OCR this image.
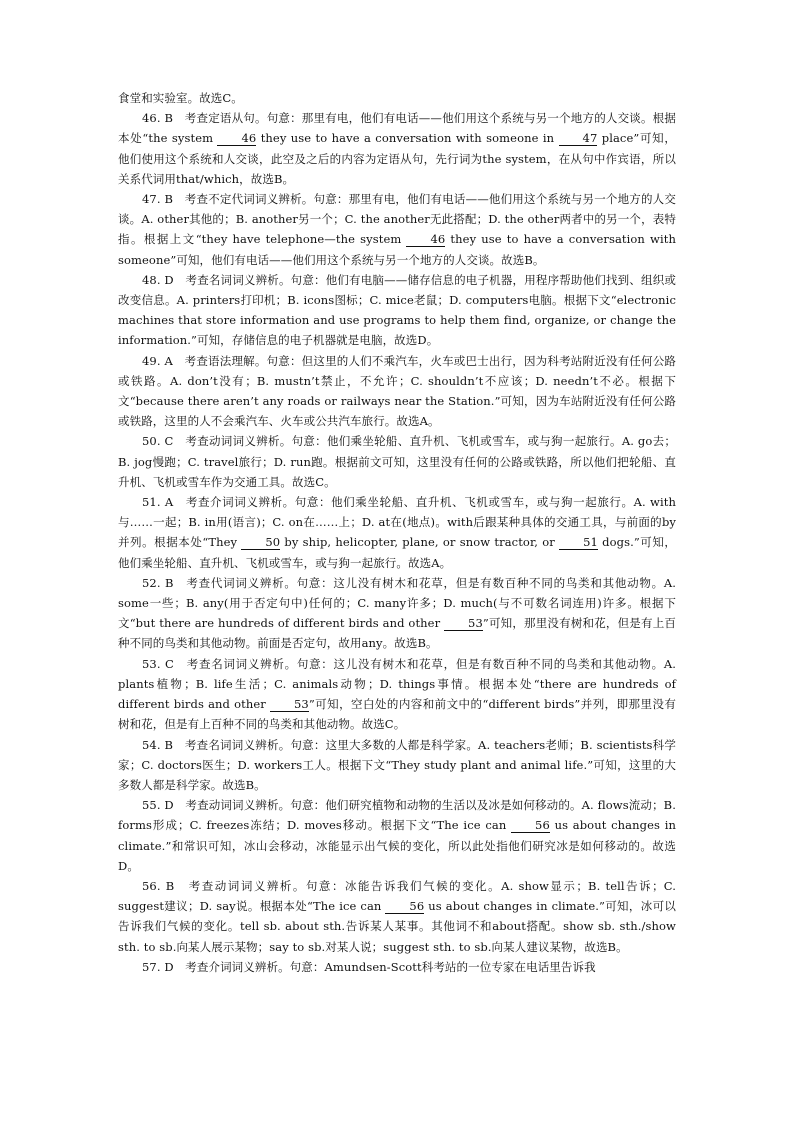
食堂和实验室。故选C。

46. B　考查定语从句。句意：那里有电，他们有电话——他们用这个系统与另一个地方的人交谈。根据本处“the system 46 they use to have a conversation with someone in 47 place”可知，他们使用这个系统和人交谈，此空及之后的内容为定语从句，先行词为the system，在从句中作宾语，所以关系代词用that/which，故选B。

47. B　考查不定代词词义辨析。句意：那里有电，他们有电话——他们用这个系统与另一个地方的人交谈。A. other其他的；B. another另一个；C. the another无此搭配；D. the other两者中的另一个，表特指。根据上文“they have telephone—the system 46 they use to have a conversation with someone”可知，他们有电话——他们用这个系统与另一个地方的人交谈。故选B。

48. D　考查名词词义辨析。句意：他们有电脑——储存信息的电子机器，用程序帮助他们找到、组织或改变信息。A. printers打印机；B. icons图标；C. mice老鼠；D. computers电脑。根据下文“electronic machines that store information and use programs to help them find, organize, or change the information.”可知，存储信息的电子机器就是电脑，故选D。

49. A　考查语法理解。句意：但这里的人们不乘汽车，火车或巴士出行，因为科考站附近没有任何公路或铁路。A. don’t没有；B. mustn’t禁止，不允许；C. shouldn’t不应该；D. needn’t不必。根据下文“because there aren’t any roads or railways near the Station.”可知，因为车站附近没有任何公路或铁路，这里的人不会乘汽车、火车或公共汽车旅行。故选A。

50. C　考查动词词义辨析。句意：他们乘坐轮船、直升机、飞机或雪车，或与狗一起旅行。A. go去；B. jog慢跑；C. travel旅行；D. run跑。根据前文可知，这里没有任何的公路或铁路，所以他们把轮船、直升机、飞机或雪车作为交通工具。故选C。

51. A　考查介词词义辨析。句意：他们乘坐轮船、直升机、飞机或雪车，或与狗一起旅行。A. with与……一起；B. in用(语言)；C. on在……上；D. at在(地点)。with后跟某种具体的交通工具，与前面的by并列。根据本处“They 50 by ship, helicopter, plane, or snow tractor, or 51 dogs.”可知，他们乘坐轮船、直升机、飞机或雪车，或与狗一起旅行。故选A。

52. B　考查代词词义辨析。句意：这儿没有树木和花草，但是有数百种不同的鸟类和其他动物。A. some一些；B. any(用于否定句中)任何的；C. many许多；D. much(与不可数名词连用)许多。根据下文“but there are hundreds of different birds and other 53”可知，那里没有树和花，但是有上百种不同的鸟类和其他动物。前面是否定句，故用any。故选B。

53. C　考查名词词义辨析。句意：这儿没有树木和花草，但是有数百种不同的鸟类和其他动物。A. plants植物；B. life生活；C. animals动物；D. things事情。根据本处“there are hundreds of different birds and other 53”可知，空白处的内容和前文中的“different birds”并列，即那里没有树和花，但是有上百种不同的鸟类和其他动物。故选C。

54. B　考查名词词义辨析。句意：这里大多数的人都是科学家。A. teachers老师；B. scientists科学家；C. doctors医生；D. workers工人。根据下文“They study plant and animal life.”可知，这里的大多数人都是科学家。故选B。

55. D　考查动词词义辨析。句意：他们研究植物和动物的生活以及冰是如何移动的。A. flows流动；B. forms形成；C. freezes冻结；D. moves移动。根据下文“The ice can 56 us about changes in climate.”和常识可知，冰山会移动，冰能显示出气候的变化，所以此处指他们研究冰是如何移动的。故选D。

56. B　考查动词词义辨析。句意：冰能告诉我们气候的变化。A. show显示；B. tell告诉；C. suggest建议；D. say说。根据本处“The ice can 56 us about changes in climate.”可知，冰可以告诉我们气候的变化。tell sb. about sth.告诉某人某事。其他词不和about搭配。show sb. sth./show sth. to sb.向某人展示某物；say to sb.对某人说；suggest sth. to sb.向某人建议某物，故选B。

57. D　考查介词词义辨析。句意：Amundsen-Scott科考站的一位专家在电话里告诉我
